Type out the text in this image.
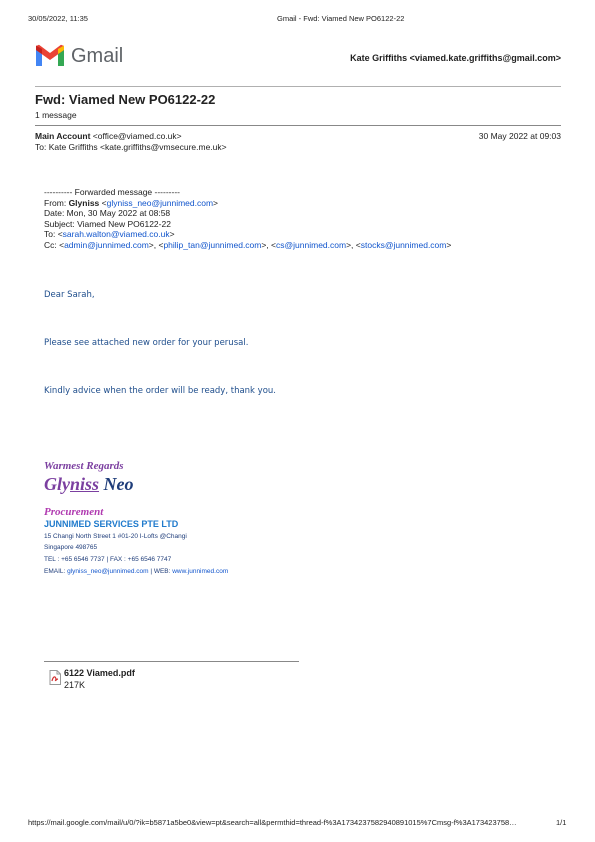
30/05/2022, 11:35	Gmail - Fwd: Viamed New PO6122-22
Gmail	Kate Griffiths <viamed.kate.griffiths@gmail.com>
Fwd: Viamed New PO6122-22
1 message
Main Account <office@viamed.co.uk>	30 May 2022 at 09:03
To: Kate Griffiths <kate.griffiths@vmsecure.me.uk>
---------- Forwarded message ---------
From: Glyniss <glyniss_neo@junnimed.com>
Date: Mon, 30 May 2022 at 08:58
Subject: Viamed New PO6122-22
To: <sarah.walton@viamed.co.uk>
Cc: <admin@junnimed.com>, <philip_tan@junnimed.com>, <cs@junnimed.com>, <stocks@junnimed.com>
Dear Sarah,
Please see attached new order for your perusal.
Kindly advice when the order will be ready, thank you.
Warmest Regards
Glyniss Neo
Procurement
JUNNIMED SERVICES PTE LTD
15 Changi North Street 1 #01-20 I-Lofts @Changi
Singapore 498765
TEL : +65 6546 7737 | FAX : +65 6546 7747
EMAIL: glyniss_neo@junnimed.com | WEB: www.junnimed.com
6122 Viamed.pdf
217K
https://mail.google.com/mail/u/0/?ik=b5871a5be0&view=pt&search=all&permthid=thread-f%3A1734237582940891015%7Cmsg-f%3A173423758…	1/1
